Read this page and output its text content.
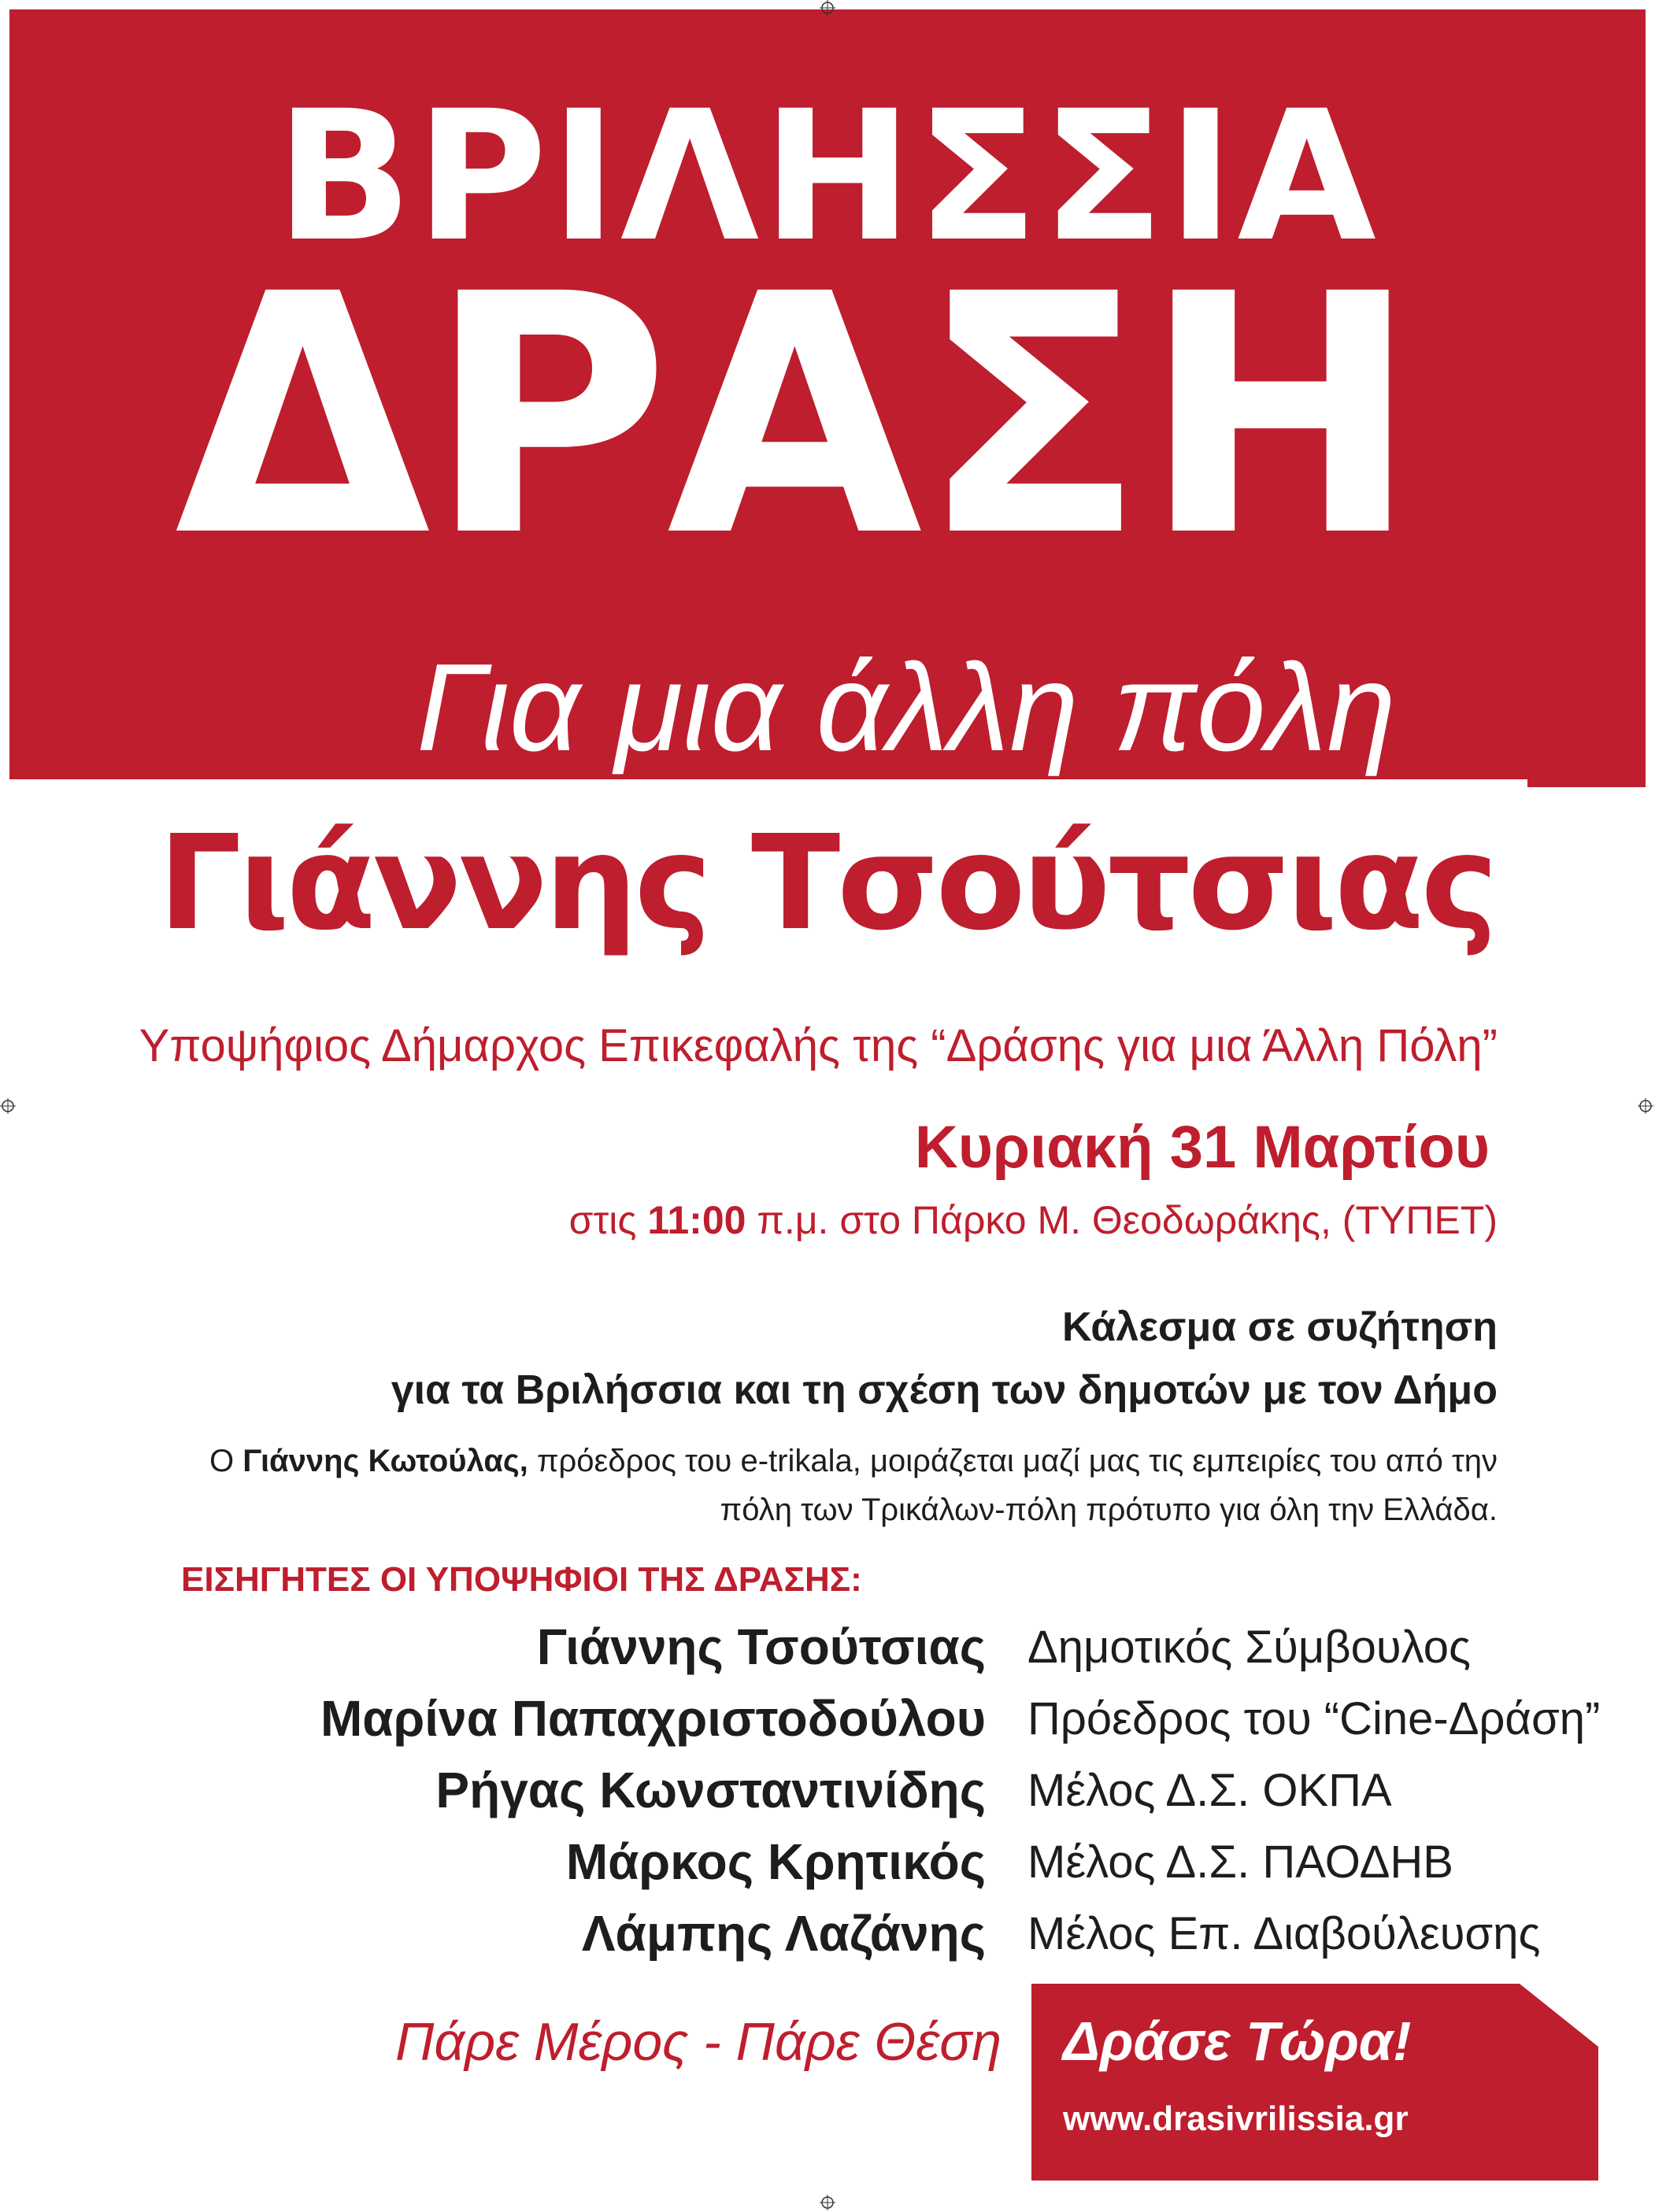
ΒΡΙΛΗΣΣΙΑ
ΔΡΑΣΗ
Για μια άλλη πόλη
Γιάννης Τσούτσιας
Υποψήφιος Δήμαρχος Επικεφαλής της “Δράσης για μια Άλλη Πόλη”
Κυριακή 31 Μαρτίου
στις 11:00 π.μ. στο Πάρκο Μ. Θεοδωράκης, (ΤΥΠΕΤ)
Κάλεσμα σε συζήτηση
για τα Βριλήσσια και τη σχέση των δημοτών με τον Δήμο
Ο Γιάννης Κωτούλας, πρόεδρος του e-trikala, μοιράζεται μαζί μας τις εμπειρίες του από την πόλη των Τρικάλων-πόλη πρότυπο για όλη την Ελλάδα.
ΕΙΣΗΓΗΤΕΣ ΟΙ ΥΠΟΨΗΦΙΟΙ ΤΗΣ ΔΡΑΣΗΣ:
Γιάννης Τσούτσιας Δημοτικός Σύμβουλος
Μαρίνα Παπαχριστοδούλου Πρόεδρος του “Cine-Δράση”
Ρήγας Κωνσταντινίδης Μέλος Δ.Σ. ΟΚΠΑ
Μάρκος Κρητικός Μέλος Δ.Σ. ΠΑΟΔΗΒ
Λάμπης Λαζάνης Μέλος Επ. Διαβούλευσης
Πάρε Μέρος - Πάρε Θέση Δράσε Τώρα!
www.drasivrilissia.gr
